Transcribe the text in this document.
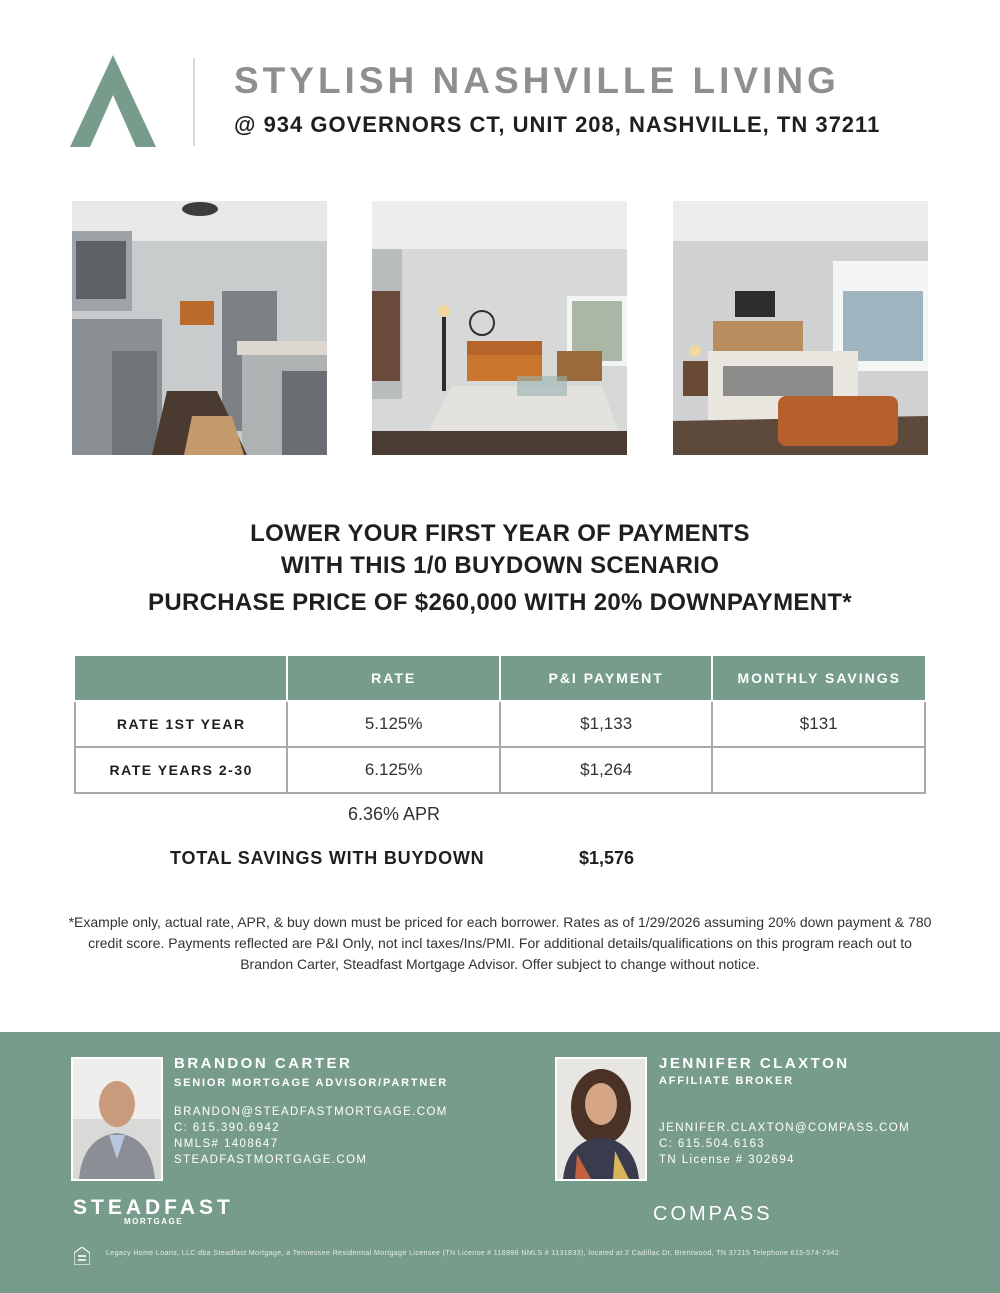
STYLISH NASHVILLE LIVING
@ 934 GOVERNORS CT, UNIT 208, NASHVILLE, TN 37211
LOWER YOUR FIRST YEAR OF PAYMENTS
WITH THIS 1/0 BUYDOWN SCENARIO
PURCHASE PRICE OF $260,000 WITH 20% DOWNPAYMENT*
	RATE	P&I PAYMENT	MONTHLY SAVINGS
RATE 1ST YEAR	5.125%	$1,133	$131
RATE YEARS 2-30	6.125%	$1,264	
6.36% APR
TOTAL SAVINGS WITH BUYDOWN	$1,576
*Example only, actual rate, APR, & buy down must be priced for each borrower. Rates as of 1/29/2026 assuming 20% down payment & 780 credit score. Payments reflected are P&I Only, not incl taxes/Ins/PMI. For additional details/qualifications on this program reach out to Brandon Carter, Steadfast Mortgage Advisor. Offer subject to change without notice.
BRANDON CARTER
SENIOR MORTGAGE ADVISOR/PARTNER
BRANDON@STEADFASTMORTGAGE.COM
C: 615.390.6942
NMLS# 1408647
STEADFASTMORTGAGE.COM
JENNIFER CLAXTON
AFFILIATE BROKER
JENNIFER.CLAXTON@COMPASS.COM
C: 615.504.6163
TN License # 302694
STEADFAST
MORTGAGE	COMPASS
Legacy Home Loans, LLC dba Steadfast Mortgage, a Tennessee Residential Mortgage Licensee (TN License # 116996 NMLS # 1131833), located at 2 Cadillac Dr, Brentwood, TN 37215 Telephone 615-574-7342.
